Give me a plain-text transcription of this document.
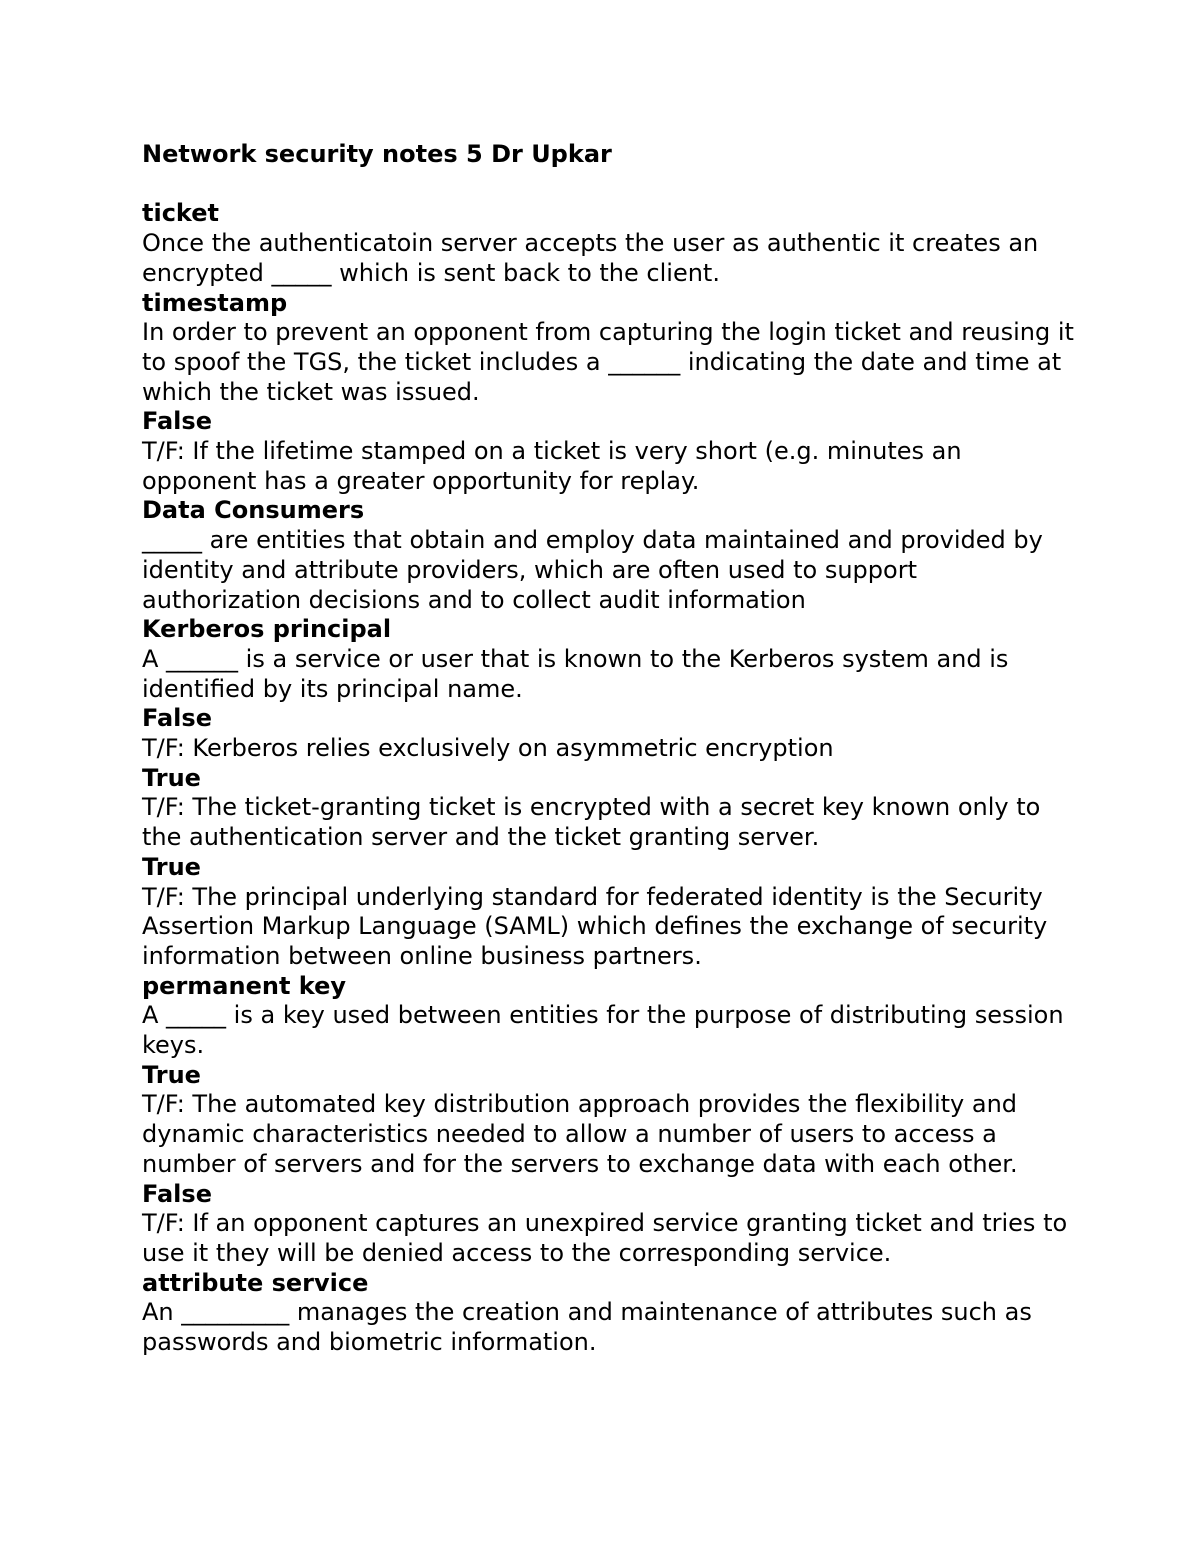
Network security notes 5 Dr Upkar
ticket
Once the authenticatoin server accepts the user as authentic it creates an encrypted _____ which is sent back to the client.
timestamp
In order to prevent an opponent from capturing the login ticket and reusing it to spoof the TGS, the ticket includes a ______ indicating the date and time at which the ticket was issued.
False
T/F: If the lifetime stamped on a ticket is very short (e.g. minutes an opponent has a greater opportunity for replay.
Data Consumers
_____ are entities that obtain and employ data maintained and provided by identity and attribute providers, which are often used to support authorization decisions and to collect audit information
Kerberos principal
A ______ is a service or user that is known to the Kerberos system and is identified by its principal name.
False
T/F: Kerberos relies exclusively on asymmetric encryption
True
T/F: The ticket-granting ticket is encrypted with a secret key known only to the authentication server and the ticket granting server.
True
T/F: The principal underlying standard for federated identity is the Security Assertion Markup Language (SAML) which defines the exchange of security information between online business partners.
permanent key
A _____ is a key used between entities for the purpose of distributing session keys.
True
T/F: The automated key distribution approach provides the flexibility and dynamic characteristics needed to allow a number of users to access a number of servers and for the servers to exchange data with each other.
False
T/F: If an opponent captures an unexpired service granting ticket and tries to use it they will be denied access to the corresponding service.
attribute service
An _________ manages the creation and maintenance of attributes such as passwords and biometric information.
